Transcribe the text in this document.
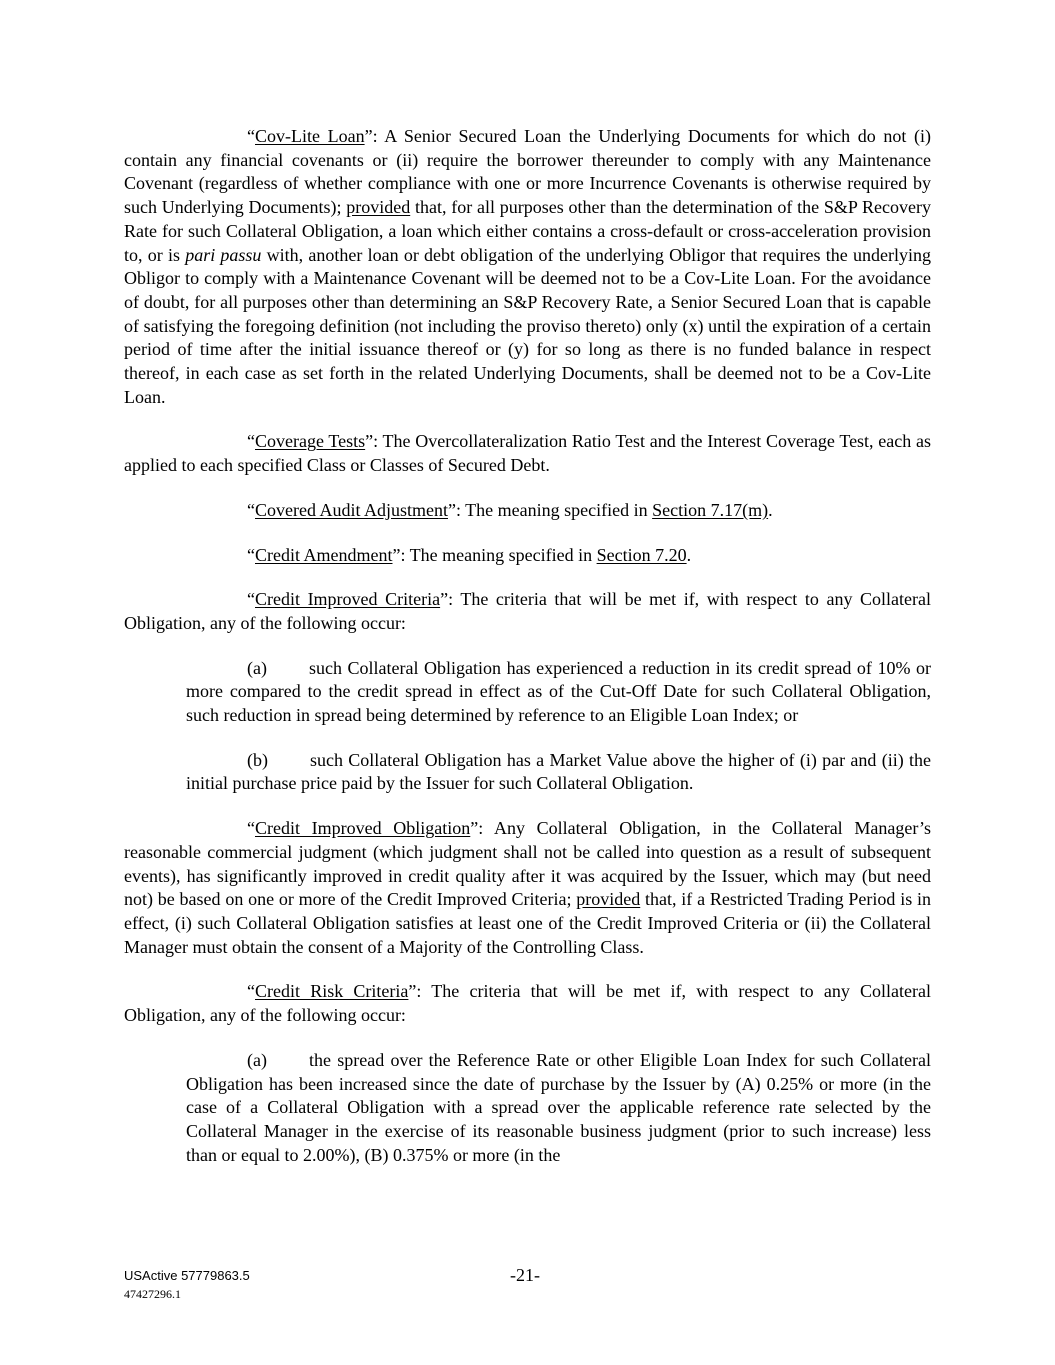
“Cov-Lite Loan”: A Senior Secured Loan the Underlying Documents for which do not (i) contain any financial covenants or (ii) require the borrower thereunder to comply with any Maintenance Covenant (regardless of whether compliance with one or more Incurrence Covenants is otherwise required by such Underlying Documents); provided that, for all purposes other than the determination of the S&P Recovery Rate for such Collateral Obligation, a loan which either contains a cross-default or cross-acceleration provision to, or is pari passu with, another loan or debt obligation of the underlying Obligor that requires the underlying Obligor to comply with a Maintenance Covenant will be deemed not to be a Cov-Lite Loan. For the avoidance of doubt, for all purposes other than determining an S&P Recovery Rate, a Senior Secured Loan that is capable of satisfying the foregoing definition (not including the proviso thereto) only (x) until the expiration of a certain period of time after the initial issuance thereof or (y) for so long as there is no funded balance in respect thereof, in each case as set forth in the related Underlying Documents, shall be deemed not to be a Cov-Lite Loan.

“Coverage Tests”: The Overcollateralization Ratio Test and the Interest Coverage Test, each as applied to each specified Class or Classes of Secured Debt.

“Covered Audit Adjustment”: The meaning specified in Section 7.17(m).

“Credit Amendment”: The meaning specified in Section 7.20.

“Credit Improved Criteria”: The criteria that will be met if, with respect to any Collateral Obligation, any of the following occur:

(a) such Collateral Obligation has experienced a reduction in its credit spread of 10% or more compared to the credit spread in effect as of the Cut-Off Date for such Collateral Obligation, such reduction in spread being determined by reference to an Eligible Loan Index; or

(b) such Collateral Obligation has a Market Value above the higher of (i) par and (ii) the initial purchase price paid by the Issuer for such Collateral Obligation.

“Credit Improved Obligation”: Any Collateral Obligation, in the Collateral Manager’s reasonable commercial judgment (which judgment shall not be called into question as a result of subsequent events), has significantly improved in credit quality after it was acquired by the Issuer, which may (but need not) be based on one or more of the Credit Improved Criteria; provided that, if a Restricted Trading Period is in effect, (i) such Collateral Obligation satisfies at least one of the Credit Improved Criteria or (ii) the Collateral Manager must obtain the consent of a Majority of the Controlling Class.

“Credit Risk Criteria”: The criteria that will be met if, with respect to any Collateral Obligation, any of the following occur:

(a) the spread over the Reference Rate or other Eligible Loan Index for such Collateral Obligation has been increased since the date of purchase by the Issuer by (A) 0.25% or more (in the case of a Collateral Obligation with a spread over the applicable reference rate selected by the Collateral Manager in the exercise of its reasonable business judgment (prior to such increase) less than or equal to 2.00%), (B) 0.375% or more (in the

USActive 57779863.5
47427296.1
-21-
